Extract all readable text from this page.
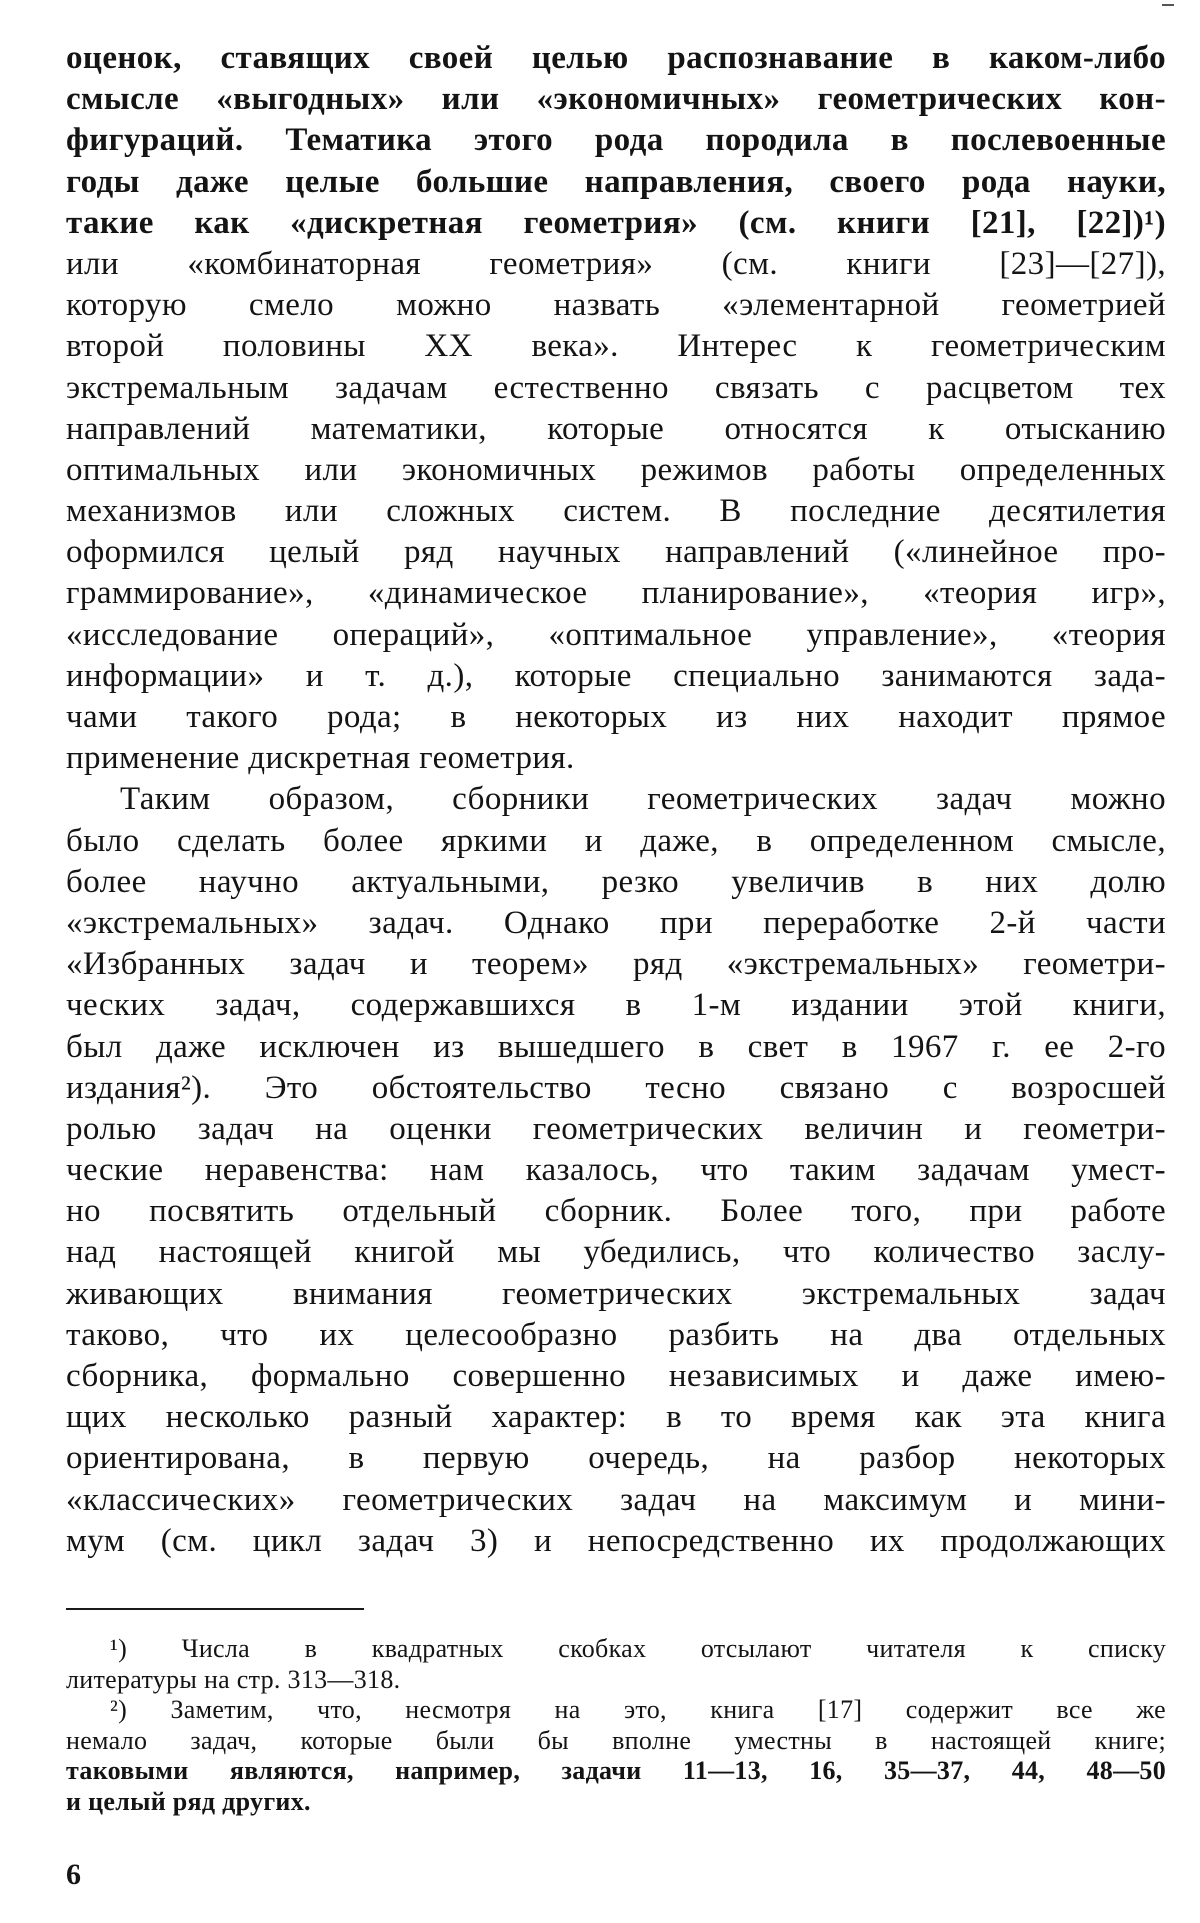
оценок, ставящих своей целью распознавание в каком-либо
смысле «выгодных» или «экономичных» геометрических кон-
фигураций. Тематика этого рода породила в послевоенные
годы даже целые большие направления, своего рода науки,
такие как «дискретная геометрия» (см. книги [21], [22])¹)
или «комбинаторная геометрия» (см. книги [23]—[27]),
которую смело можно назвать «элементарной геометрией
второй половины XX века». Интерес к геометрическим
экстремальным задачам естественно связать с расцветом тех
направлений математики, которые относятся к отысканию
оптимальных или экономичных режимов работы определенных
механизмов или сложных систем. В последние десятилетия
оформился целый ряд научных направлений («линейное про-
граммирование», «динамическое планирование», «теория игр»,
«исследование операций», «оптимальное управление», «теория
информации» и т. д.), которые специально занимаются зада-
чами такого рода; в некоторых из них находит прямое
применение дискретная геометрия.
Таким образом, сборники геометрических задач можно
было сделать более яркими и даже, в определенном смысле,
более научно актуальными, резко увеличив в них долю
«экстремальных» задач. Однако при переработке 2-й части
«Избранных задач и теорем» ряд «экстремальных» геометри-
ческих задач, содержавшихся в 1-м издании этой книги,
был даже исключен из вышедшего в свет в 1967 г. ее 2-го
издания²). Это обстоятельство тесно связано с возросшей
ролью задач на оценки геометрических величин и геометри-
ческие неравенства: нам казалось, что таким задачам умест-
но посвятить отдельный сборник. Более того, при работе
над настоящей книгой мы убедились, что количество заслу-
живающих внимания геометрических экстремальных задач
таково, что их целесообразно разбить на два отдельных
сборника, формально совершенно независимых и даже имею-
щих несколько разный характер: в то время как эта книга
ориентирована, в первую очередь, на разбор некоторых
«классических» геометрических задач на максимум и мини-
мум (см. цикл задач 3) и непосредственно их продолжающих
¹) Числа в квадратных скобках отсылают читателя к списку
литературы на стр. 313—318.
²) Заметим, что, несмотря на это, книга [17] содержит все же
немало задач, которые были бы вполне уместны в настоящей книге;
таковыми являются, например, задачи 11—13, 16, 35—37, 44, 48—50
и целый ряд других.
6
